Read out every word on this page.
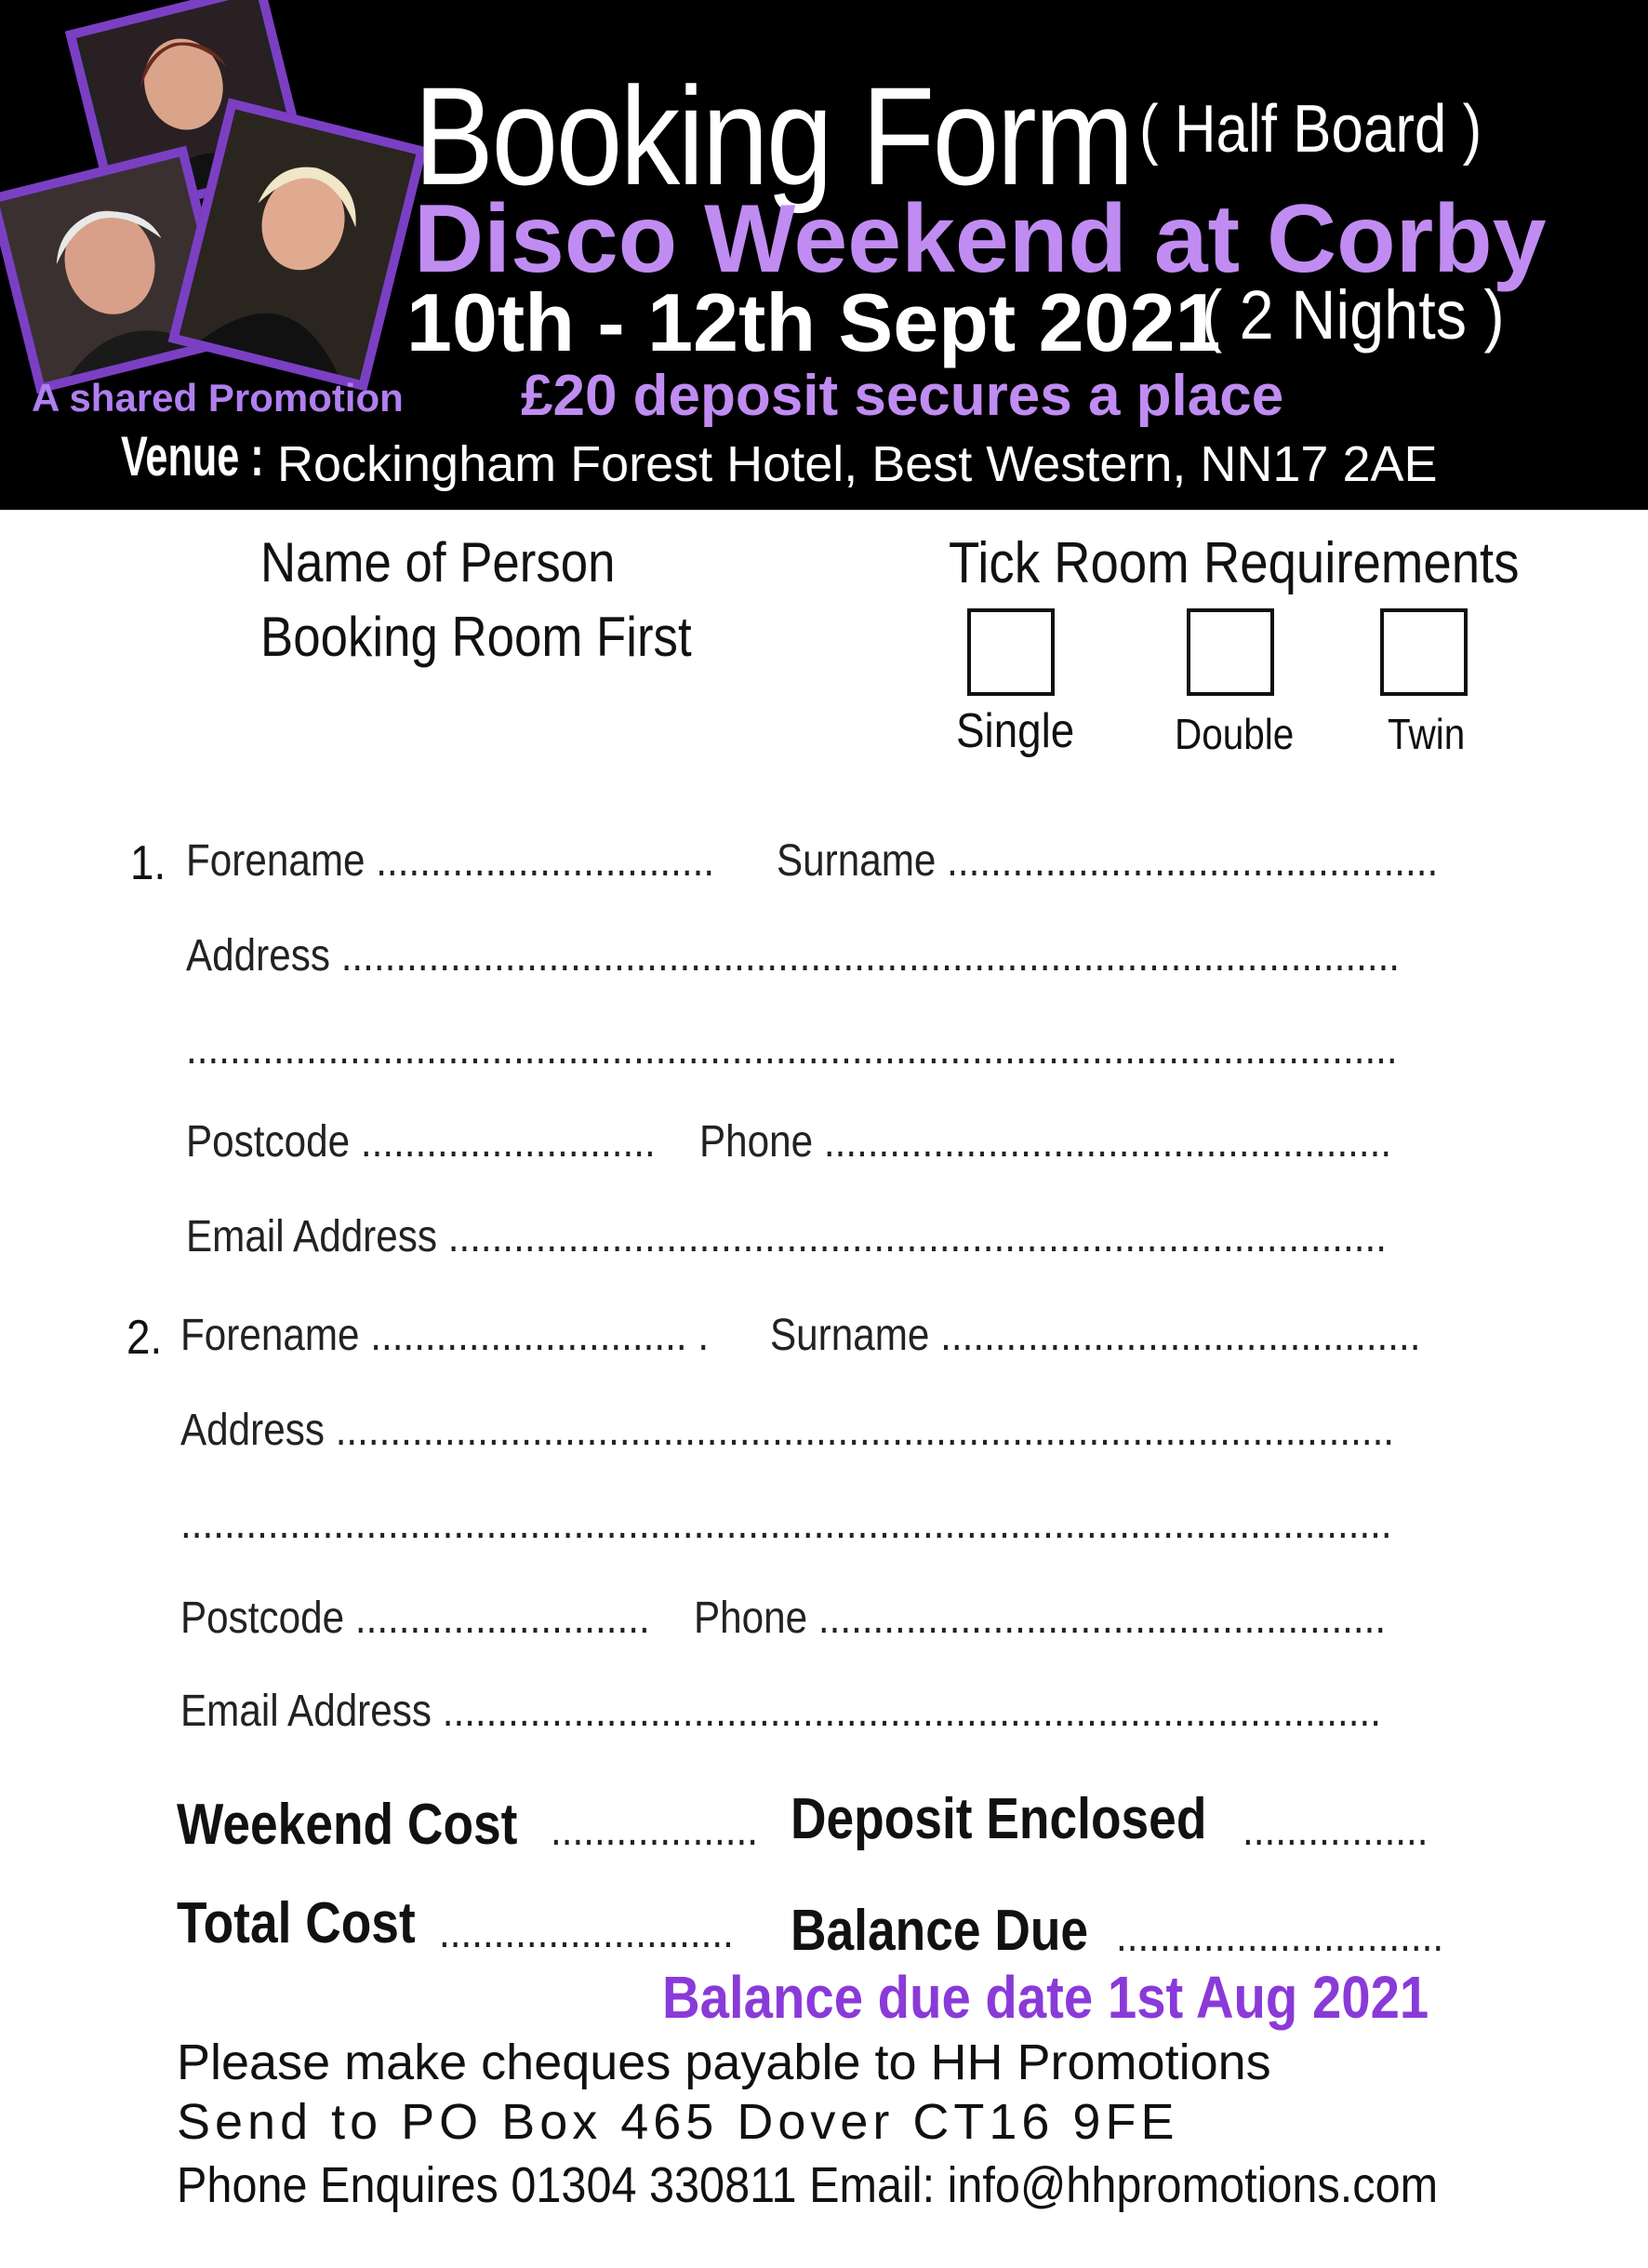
Booking Form ( Half Board )
Disco Weekend at Corby
10th - 12th Sept 2021
( 2 Nights )
A shared Promotion £20 deposit secures a place
Venue : Rockingham Forest Hotel, Best Western, NN17 2AE
Name of Person
Booking Room First
Tick Room Requirements
Single Double Twin
1. Forename ............................... Surname .............................................
Address .................................................................................................
...............................................................................................................
Postcode ........................... Phone ....................................................
Email Address ......................................................................................
2. Forename ............................. . Surname ............................................
Address .................................................................................................
...............................................................................................................
Postcode ........................... Phone ....................................................
Email Address ......................................................................................
Weekend Cost ................... Deposit Enclosed .................
Total Cost ........................... Balance Due ..............................
Balance due date 1st Aug 2021
Please make cheques payable to HH Promotions
Send to PO Box 465 Dover CT16 9FE
Phone Enquires 01304 330811 Email: info@hhpromotions.com
